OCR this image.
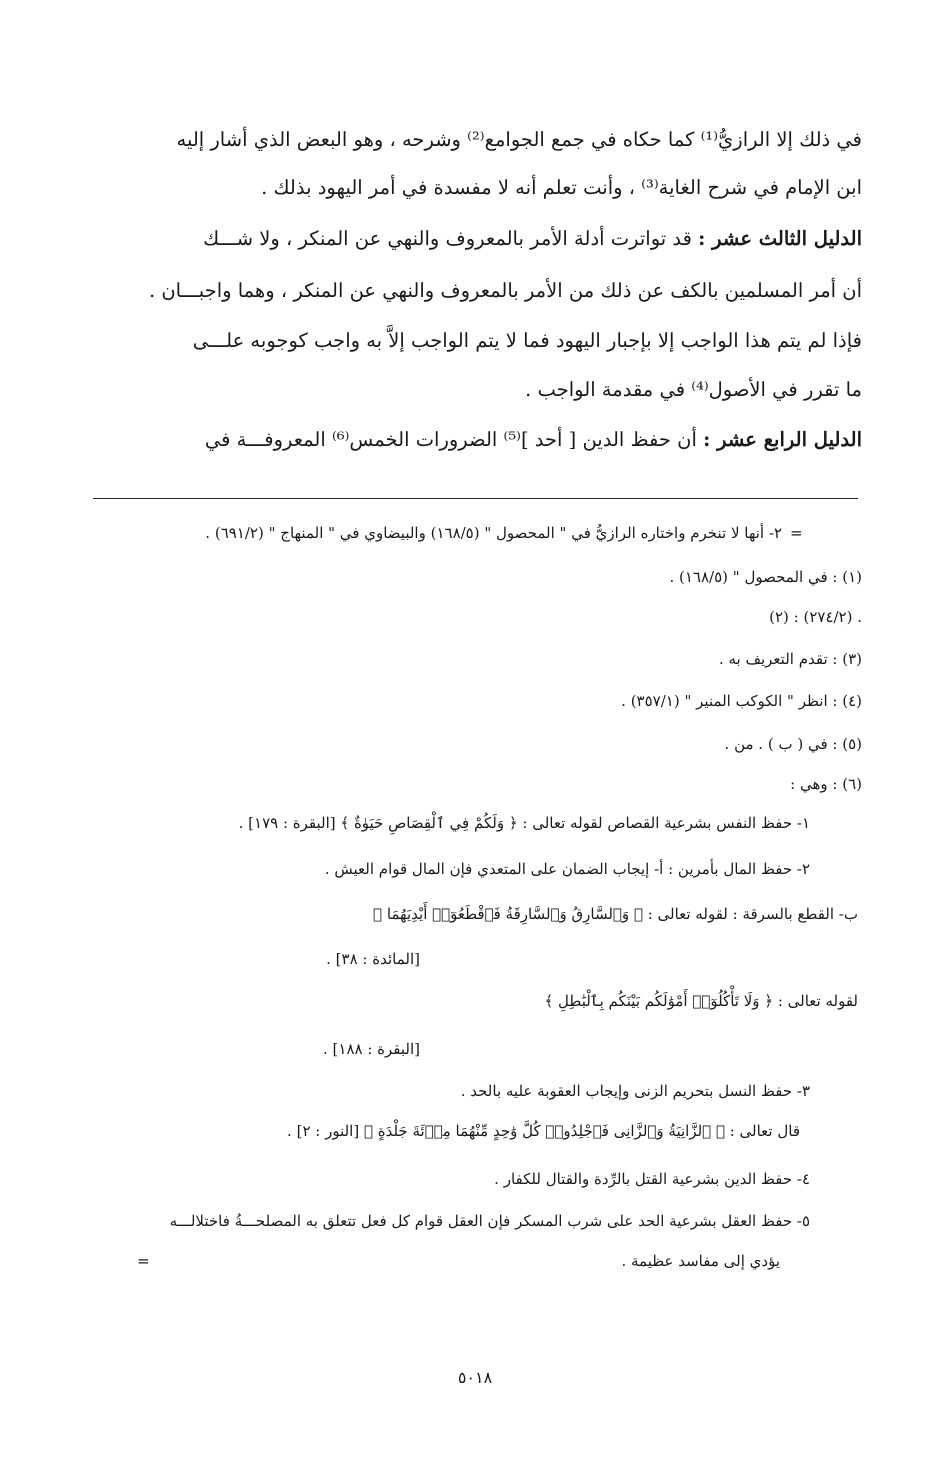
في ذلك إلا الرازيُّ⁽¹⁾ كما حكاه في جمع الجوامع⁽²⁾ وشرحه ، وهو البعض الذي أشار إليه
ابن الإمام في شرح الغاية⁽³⁾ ، وأنت تعلم أنه لا مفسدة في أمر اليهود بذلك .
الدليل الثالث عشر : قد تواترت أدلة الأمر بالمعروف والنهي عن المنكر ، ولا شـــك
أن أمر المسلمين بالكف عن ذلك من الأمر بالمعروف والنهي عن المنكر ، وهما واجبـــان .
فإذا لم يتم هذا الواجب إلا بإجبار اليهود فما لا يتم الواجب إلاَّ به واجب كوجوبه علـــى
ما تقرر في الأصول⁽⁴⁾ في مقدمة الواجب .
الدليل الرابع عشر : أن حفظ الدين [ أحد ]⁽⁵⁾ الضرورات الخمس⁽⁶⁾ المعروفـــة في
=
٢- أنها لا تنخرم واختاره الرازيُّ في " المحصول " (١٦٨/٥) والبيضاوي في " المنهاج " (٦٩١/٢) .
(١) : في المحصول " (١٦٨/٥) .
(٢) : (٢٧٤/٢) .
(٣) : تقدم التعريف به .
(٤) : انظر " الكوكب المنير " (٣٥٧/١) .
(٥) : في ( ب ) . من .
(٦) : وهي :
١- حفظ النفس بشرعية القصاص لقوله تعالى : ﴿ وَلَكُمْ فِي ٱلْقِصَاصِ حَيَوٰةٌ ﴾ [البقرة : ١٧٩] .
٢- حفظ المال بأمرين : أ- إيجاب الضمان على المتعدي فإن المال قوام العيش .
ب- القطع بالسرقة : لقوله تعالى : ﴿ وَٱلسَّارِقُ وَٱلسَّارِقَةُ فَٱقْطَعُوٓا۟ أَيْدِيَهُمَا ﴾
[المائدة : ٣٨] .
لقوله تعالى : ﴿ وَلَا تَأْكُلُوٓا۟ أَمْوَٰلَكُم بَيْنَكُم بِٱلْبَٰطِلِ ﴾
[البقرة : ١٨٨] .
٣- حفظ النسل بتحريم الزنى وإيجاب العقوبة عليه بالحد .
قال تعالى : ﴿ ٱلزَّانِيَةُ وَٱلزَّانِى فَٱجْلِدُوا۟ كُلَّ وَٰحِدٍ مِّنْهُمَا مِا۟ئَةَ جَلْدَةٍ ﴾ [النور : ٢] .
٤- حفظ الدين بشرعية القتل بالرِّدة والقتال للكفار .
٥- حفظ العقل بشرعية الحد على شرب المسكر فإن العقل قوام كل فعل تتعلق به المصلحـــةُ فاختلالـــه
يؤدي إلى مفاسد عظيمة .
=
٥٠١٨
